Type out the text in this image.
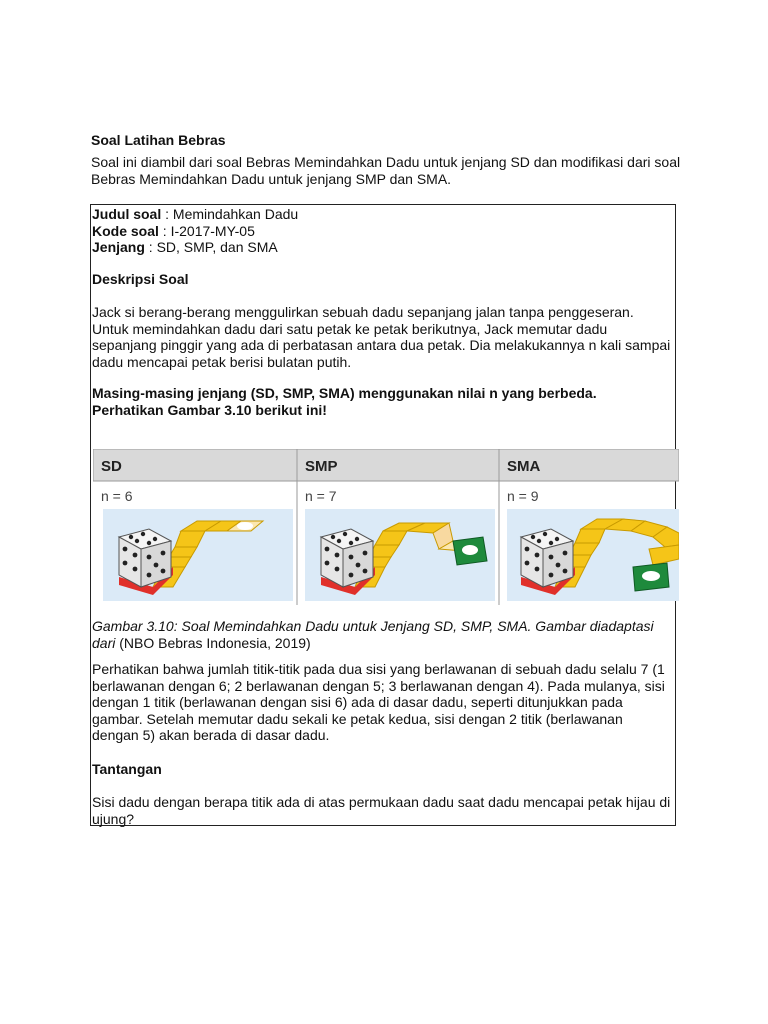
Soal Latihan Bebras
Soal ini diambil dari soal Bebras Memindahkan Dadu untuk jenjang SD dan modifikasi dari soal Bebras Memindahkan Dadu untuk jenjang SMP dan SMA.
Judul soal : Memindahkan Dadu
Kode soal : I-2017-MY-05
Jenjang : SD, SMP, dan SMA
Deskripsi Soal
Jack si berang-berang menggulirkan sebuah dadu sepanjang jalan tanpa penggeseran. Untuk memindahkan dadu dari satu petak ke petak berikutnya, Jack memutar dadu sepanjang pinggir yang ada di perbatasan antara dua petak. Dia melakukannya n kali sampai dadu mencapai petak berisi bulatan putih.
Masing-masing jenjang (SD, SMP, SMA) menggunakan nilai n yang berbeda. Perhatikan Gambar 3.10 berikut ini!
SD	SMP	SMA
n = 6	n = 7	n = 9
Gambar 3.10: Soal Memindahkan Dadu untuk Jenjang SD, SMP, SMA. Gambar diadaptasi dari (NBO Bebras Indonesia, 2019)
Perhatikan bahwa jumlah titik-titik pada dua sisi yang berlawanan di sebuah dadu selalu 7 (1 berlawanan dengan 6; 2 berlawanan dengan 5; 3 berlawanan dengan 4). Pada mulanya, sisi dengan 1 titik (berlawanan dengan sisi 6) ada di dasar dadu, seperti ditunjukkan pada gambar. Setelah memutar dadu sekali ke petak kedua, sisi dengan 2 titik (berlawanan dengan 5) akan berada di dasar dadu.
Tantangan
Sisi dadu dengan berapa titik ada di atas permukaan dadu saat dadu mencapai petak hijau di ujung?
